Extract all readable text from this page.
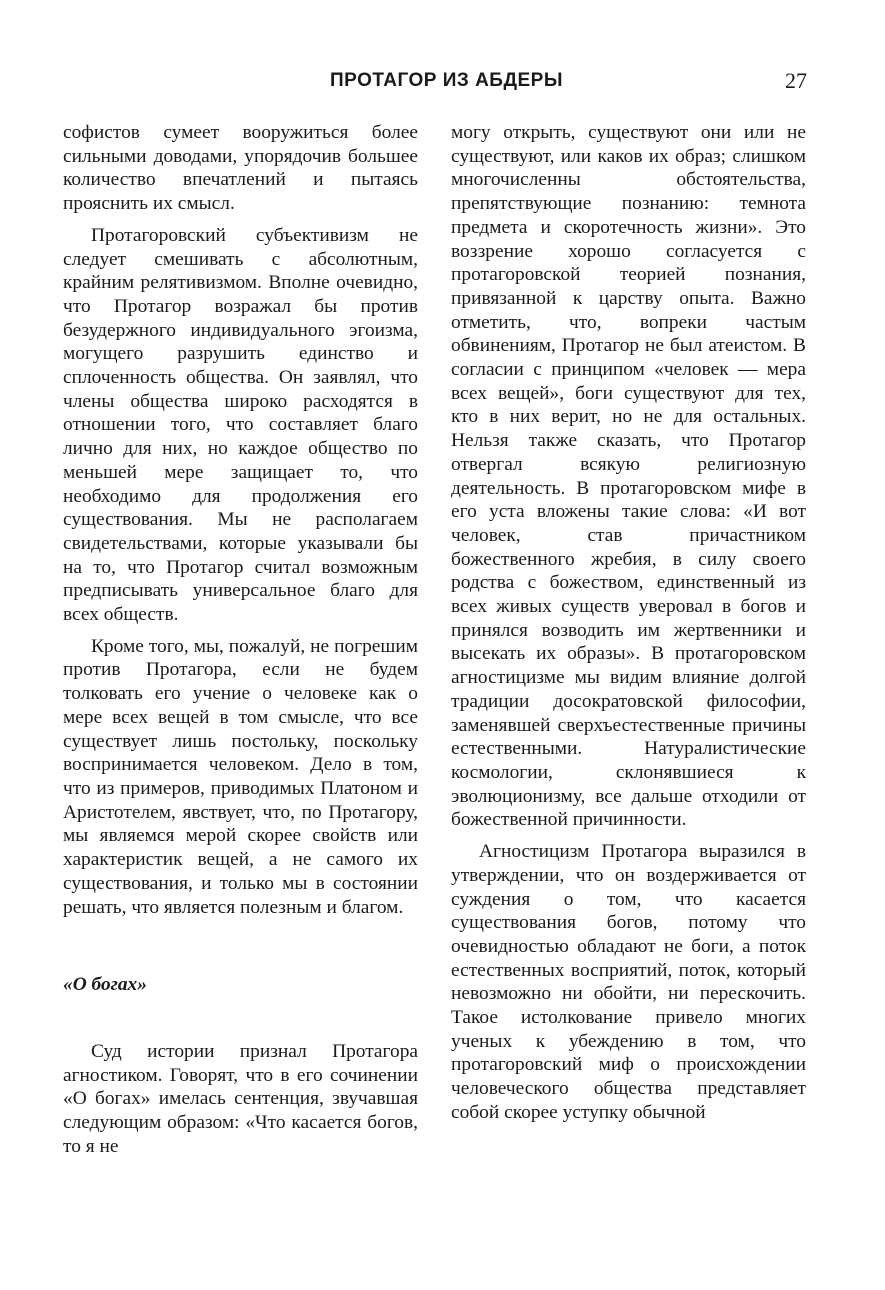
ПРОТАГОР ИЗ АБДЕРЫ	27

софистов сумеет вооружиться более сильными доводами, упорядочив большее количество впечатлений и пытаясь прояснить их смысл.

Протагоровский субъективизм не следует смешивать с абсолютным, крайним релятивизмом. Вполне очевидно, что Протагор возражал бы против безудержного индивидуального эгоизма, могущего разрушить единство и сплоченность общества. Он заявлял, что члены общества широко расходятся в отношении того, что составляет благо лично для них, но каждое общество по меньшей мере защищает то, что необходимо для продолжения его существования. Мы не располагаем свидетельствами, которые указывали бы на то, что Протагор считал возможным предписывать универсальное благо для всех обществ.

Кроме того, мы, пожалуй, не погрешим против Протагора, если не будем толковать его учение о человеке как о мере всех вещей в том смысле, что все существует лишь постольку, поскольку воспринимается человеком. Дело в том, что из примеров, приводимых Платоном и Аристотелем, явствует, что, по Протагору, мы являемся мерой скорее свойств или характеристик вещей, а не самого их существования, и только мы в состоянии решать, что является полезным и благом.

«О богах»

Суд истории признал Протагора агностиком. Говорят, что в его сочинении «О богах» имелась сентенция, звучавшая следующим образом: «Что касается богов, то я не

могу открыть, существуют они или не существуют, или каков их образ; слишком многочисленны обстоятельства, препятствующие познанию: темнота предмета и скоротечность жизни». Это воззрение хорошо согласуется с протагоровской теорией познания, привязанной к царству опыта. Важно отметить, что, вопреки частым обвинениям, Протагор не был атеистом. В согласии с принципом «человек — мера всех вещей», боги существуют для тех, кто в них верит, но не для остальных. Нельзя также сказать, что Протагор отвергал всякую религиозную деятельность. В протагоровском мифе в его уста вложены такие слова: «И вот человек, став причастником божественного жребия, в силу своего родства с божеством, единственный из всех живых существ уверовал в богов и принялся возводить им жертвенники и высекать их образы». В протагоровском агностицизме мы видим влияние долгой традиции досократовской философии, заменявшей сверхъестественные причины естественными. Натуралистические космологии, склонявшиеся к эволюционизму, все дальше отходили от божественной причинности.

Агностицизм Протагора выразился в утверждении, что он воздерживается от суждения о том, что касается существования богов, потому что очевидностью обладают не боги, а поток естественных восприятий, поток, который невозможно ни обойти, ни перескочить. Такое истолкование привело многих ученых к убеждению в том, что протагоровский миф о происхождении человеческого общества представляет собой скорее уступку обычной
